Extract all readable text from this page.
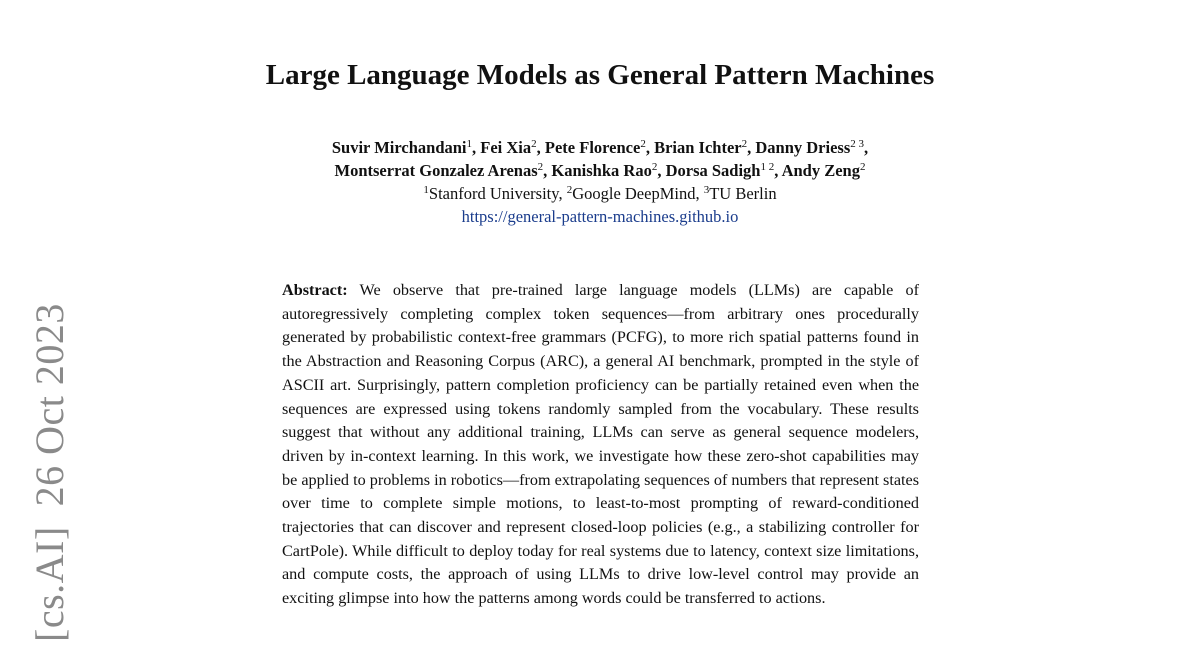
[cs.AI]26 Oct 2023
Large Language Models as General Pattern Machines
Suvir Mirchandani$^1$, Fei Xia$^2$, Pete Florence$^2$, Brian Ichter$^2$, Danny Driess$^{2 3}$,
Montserrat Gonzalez Arenas$^2$, Kanishka Rao$^2$, Dorsa Sadigh$^{1 2}$, Andy Zeng$^2$
$^1$Stanford University, $^2$Google DeepMind, $^3$TU Berlin
https://general-pattern-machines.github.io

Abstract: We observe that pre-trained large language models (LLMs) are capable of autoregressively completing complex token sequences—from arbitrary ones procedurally generated by probabilistic context-free grammars (PCFG), to more rich spatial patterns found in the Abstraction and Reasoning Corpus (ARC), a general AI benchmark, prompted in the style of ASCII art. Surprisingly, pattern completion proficiency can be partially retained even when the sequences are expressed using tokens randomly sampled from the vocabulary. These results suggest that without any additional training, LLMs can serve as general sequence modelers, driven by in-context learning. In this work, we investigate how these zero-shot capabilities may be applied to problems in robotics—from extrapolating sequences of numbers that represent states over time to complete simple motions, to least-to-most prompting of reward-conditioned trajectories that can discover and represent closed-loop policies (e.g., a stabilizing controller for CartPole). While difficult to deploy today for real systems due to latency, context size limitations, and compute costs, the approach of using LLMs to drive low-level control may provide an exciting glimpse into how the patterns among words could be transferred to actions.
